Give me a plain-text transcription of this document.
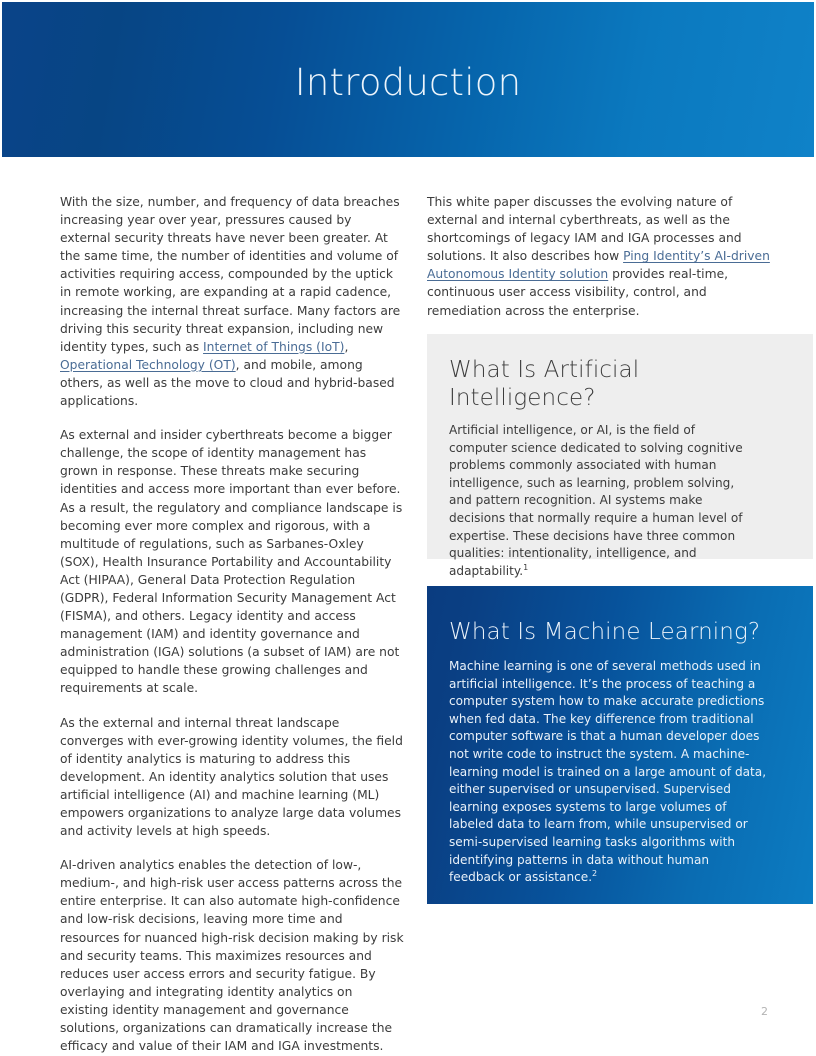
Introduction

With the size, number, and frequency of data breaches increasing year over year, pressures caused by external security threats have never been greater. At the same time, the number of identities and volume of activities requiring access, compounded by the uptick in remote working, are expanding at a rapid cadence, increasing the internal threat surface. Many factors are driving this security threat expansion, including new identity types, such as Internet of Things (IoT), Operational Technology (OT), and mobile, among others, as well as the move to cloud and hybrid-based applications.

As external and insider cyberthreats become a bigger challenge, the scope of identity management has grown in response. These threats make securing identities and access more important than ever before. As a result, the regulatory and compliance landscape is becoming ever more complex and rigorous, with a multitude of regulations, such as Sarbanes-Oxley (SOX), Health Insurance Portability and Accountability Act (HIPAA), General Data Protection Regulation (GDPR), Federal Information Security Management Act (FISMA), and others. Legacy identity and access management (IAM) and identity governance and administration (IGA) solutions (a subset of IAM) are not equipped to handle these growing challenges and requirements at scale.

As the external and internal threat landscape converges with ever-growing identity volumes, the field of identity analytics is maturing to address this development. An identity analytics solution that uses artificial intelligence (AI) and machine learning (ML) empowers organizations to analyze large data volumes and activity levels at high speeds.

AI-driven analytics enables the detection of low-, medium-, and high-risk user access patterns across the entire enterprise. It can also automate high-confidence and low-risk decisions, leaving more time and resources for nuanced high-risk decision making by risk and security teams. This maximizes resources and reduces user access errors and security fatigue. By overlaying and integrating identity analytics on existing identity management and governance solutions, organizations can dramatically increase the efficacy and value of their IAM and IGA investments.

This white paper discusses the evolving nature of external and internal cyberthreats, as well as the shortcomings of legacy IAM and IGA processes and solutions. It also describes how Ping Identity’s AI-driven Autonomous Identity solution provides real-time, continuous user access visibility, control, and remediation across the enterprise.

What Is Artificial Intelligence?

Artificial intelligence, or AI, is the field of computer science dedicated to solving cognitive problems commonly associated with human intelligence, such as learning, problem solving, and pattern recognition. AI systems make decisions that normally require a human level of expertise. These decisions have three common qualities: intentionality, intelligence, and adaptability.$^1$

What Is Machine Learning?

Machine learning is one of several methods used in artificial intelligence. It’s the process of teaching a computer system how to make accurate predictions when fed data. The key difference from traditional computer software is that a human developer does not write code to instruct the system. A machine-learning model is trained on a large amount of data, either supervised or unsupervised. Supervised learning exposes systems to large volumes of labeled data to learn from, while unsupervised or semi-supervised learning tasks algorithms with identifying patterns in data without human feedback or assistance.$^2$

2
